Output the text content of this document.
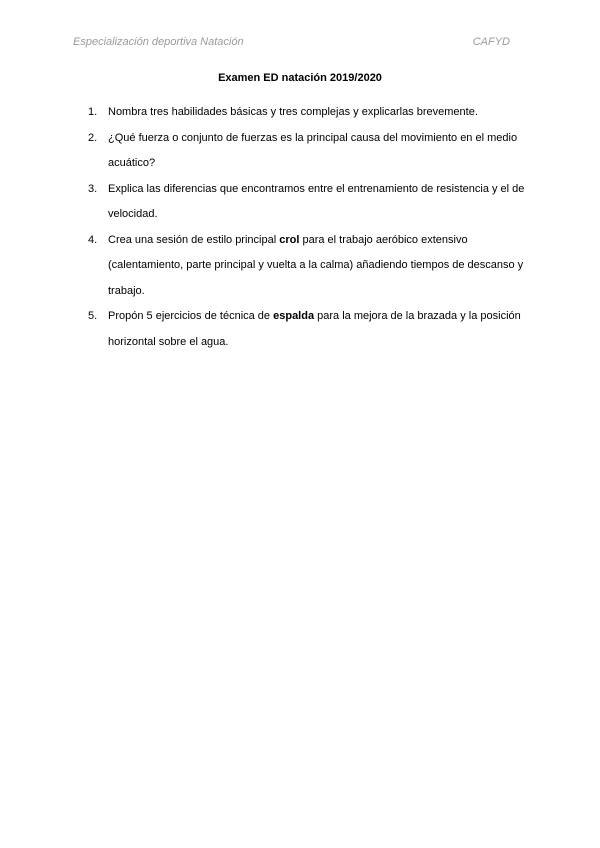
Especialización deportiva Natación	CAFYD
Examen ED natación 2019/2020
1. Nombra tres habilidades básicas y tres complejas y explicarlas brevemente.
2. ¿Qué fuerza o conjunto de fuerzas es la principal causa del movimiento en el medio acuático?
3. Explica las diferencias que encontramos entre el entrenamiento de resistencia y el de velocidad.
4. Crea una sesión de estilo principal crol para el trabajo aeróbico extensivo (calentamiento, parte principal y vuelta a la calma) añadiendo tiempos de descanso y trabajo.
5. Propón 5 ejercicios de técnica de espalda para la mejora de la brazada y la posición horizontal sobre el agua.
